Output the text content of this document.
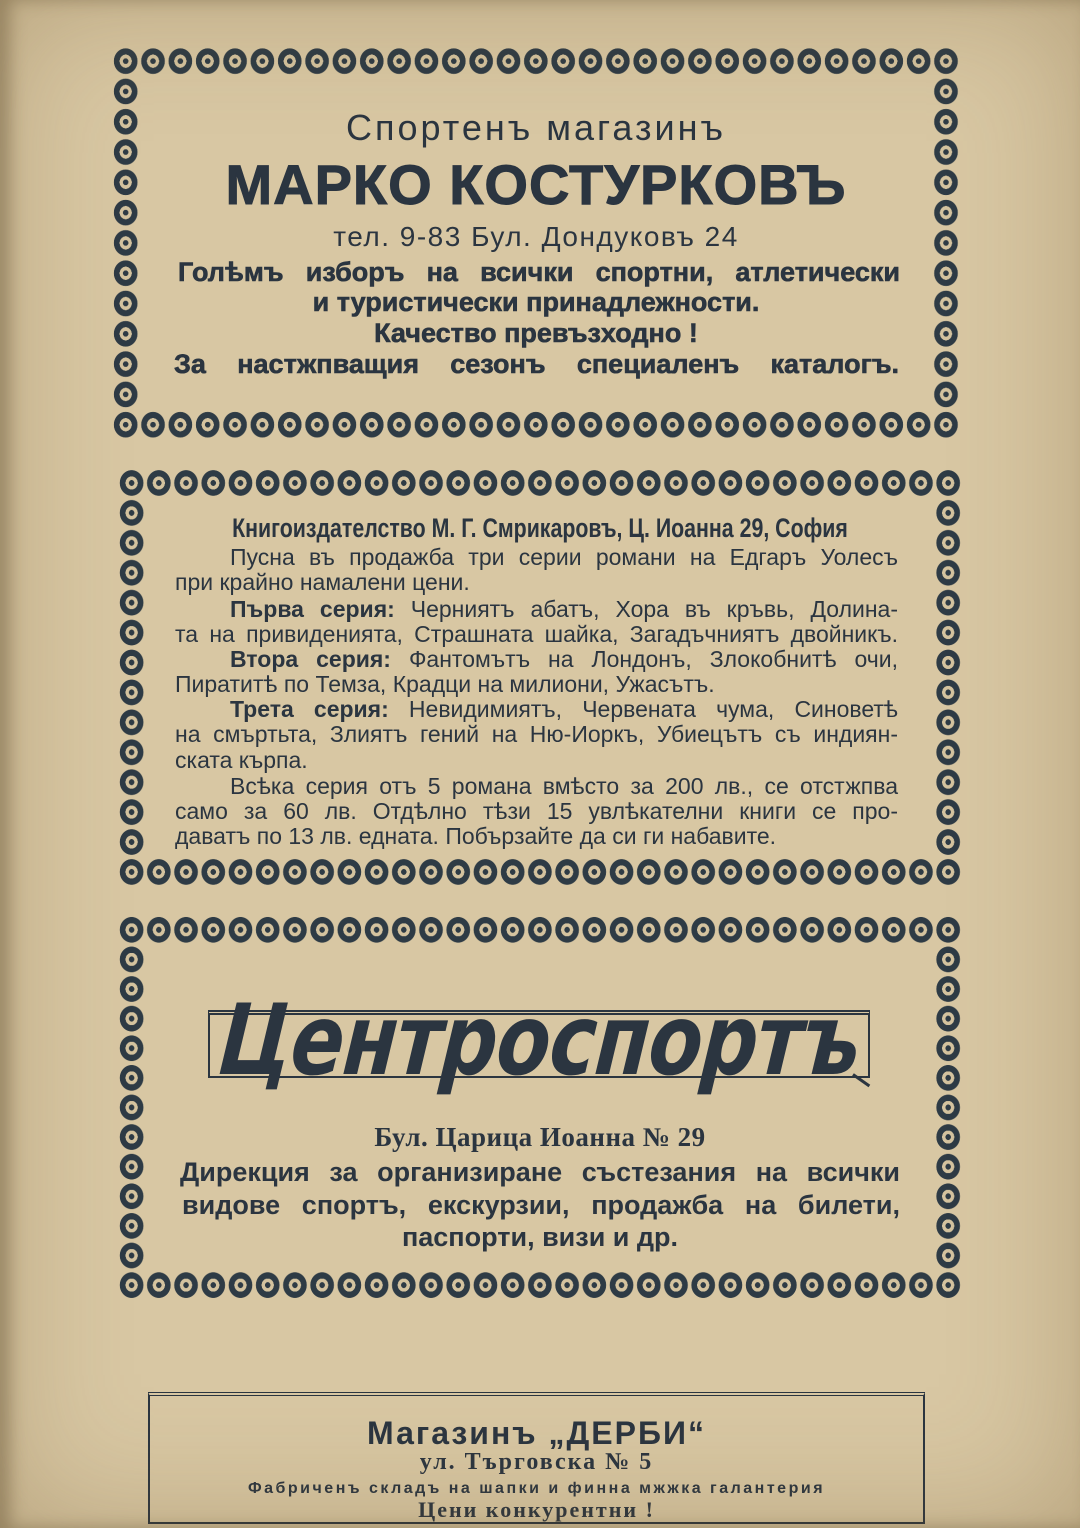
Спортенъ магазинъ
МАРКО КОСТУРКОВЪ
тел. 9-83 Бул. Дондуковъ 24
Голѣмъ изборъ на всички спортни, атлетически
и туристически принадлежности.
Качество превъзходно !
За настжпващия сезонъ специаленъ каталогъ.
Книгоиздателство М. Г. Смрикаровъ, Ц. Иоанна 29, София
Пусна въ продажба три серии романи на Едгаръ Уолесъ
при крайно намалени цени.
Първа серия: Черниятъ абатъ, Хора въ кръвь, Долина-
та на привиденията, Страшната шайка, Загадъчниятъ двойникъ.
Втора серия: Фантомътъ на Лондонъ, Злокобнитѣ очи,
Пиратитѣ по Темза, Крадци на милиони, Ужасътъ.
Трета серия: Невидимиятъ, Червената чума, Синоветѣ
на смъртьта, Злиятъ гений на Ню-Иоркъ, Убиецътъ съ индиян-
ската кърпа.
Всѣка серия отъ 5 романа вмѣсто за 200 лв., се отстжпва
само за 60 лв. Отдѣлно тѣзи 15 увлѣкателни книги се про-
даватъ по 13 лв. едната. Побързайте да си ги набавите.
Центроспортъ
Бул. Царица Иоанна № 29
Дирекция за организиране състезания на всички
видове спортъ, екскурзии, продажба на билети,
паспорти, визи и др.
Магазинъ „ДЕРБИ“
ул. Търговска № 5
Фабриченъ складъ на шапки и финна мжжка галантерия
Цени конкурентни !
